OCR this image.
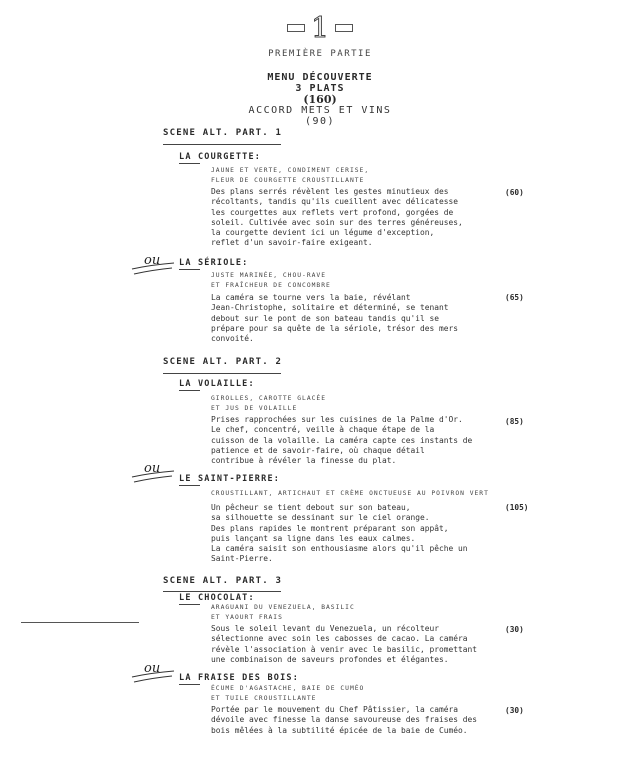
1
PREMIÈRE PARTIE
MENU DÉCOUVERTE
3 PLATS
(160)
ACCORD METS ET VINS
(90)
SCENE ALT. PART. 1
LA COURGETTE:
JAUNE ET VERTE, CONDIMENT CERISE,
FLEUR DE COURGETTE CROUSTILLANTE
Des plans serrés révèlent les gestes minutieux des
récoltants, tandis qu'ils cueillent avec délicatesse
les courgettes aux reflets vert profond, gorgées de
soleil. Cultivée avec soin sur des terres généreuses,
la courgette devient ici un légume d'exception,
reflet d'un savoir-faire exigeant.
(60)
ou LA SÉRIOLE:
JUSTE MARINÉE, CHOU-RAVE
ET FRAÎCHEUR DE CONCOMBRE
La caméra se tourne vers la baie, révélant
Jean-Christophe, solitaire et déterminé, se tenant
debout sur le pont de son bateau tandis qu'il se
prépare pour sa quête de la sériole, trésor des mers
convoité.
(65)
SCENE ALT. PART. 2
LA VOLAILLE:
GIROLLES, CAROTTE GLACÉE
ET JUS DE VOLAILLE
Prises rapprochées sur les cuisines de la Palme d'Or.
Le chef, concentré, veille à chaque étape de la
cuisson de la volaille. La caméra capte ces instants de
patience et de savoir-faire, où chaque détail
contribue à révéler la finesse du plat.
(85)
ou
LE SAINT-PIERRE:
CROUSTILLANT, ARTICHAUT ET CRÈME ONCTUEUSE AU POIVRON VERT
Un pêcheur se tient debout sur son bateau,
sa silhouette se dessinant sur le ciel orange.
Des plans rapides le montrent préparant son appât,
puis lançant sa ligne dans les eaux calmes.
La caméra saisit son enthousiasme alors qu'il pêche un
Saint-Pierre.
(105)
SCENE ALT. PART. 3
LE CHOCOLAT:
ARAGUANI DU VENEZUELA, BASILIC
ET YAOURT FRAIS
Sous le soleil levant du Venezuela, un récolteur
sélectionne avec soin les cabosses de cacao. La caméra
révèle l'association à venir avec le basilic, promettant
une combinaison de saveurs profondes et élégantes.
(30)
ou
LA FRAISE DES BOIS:
ÉCUME D'AGASTACHE, BAIE DE CUMÉO
ET TUILE CROUSTILLANTE
Portée par le mouvement du Chef Pâtissier, la caméra
dévoile avec finesse la danse savoureuse des fraises des
bois mêlées à la subtilité épicée de la baie de Cuméo.
(30)
